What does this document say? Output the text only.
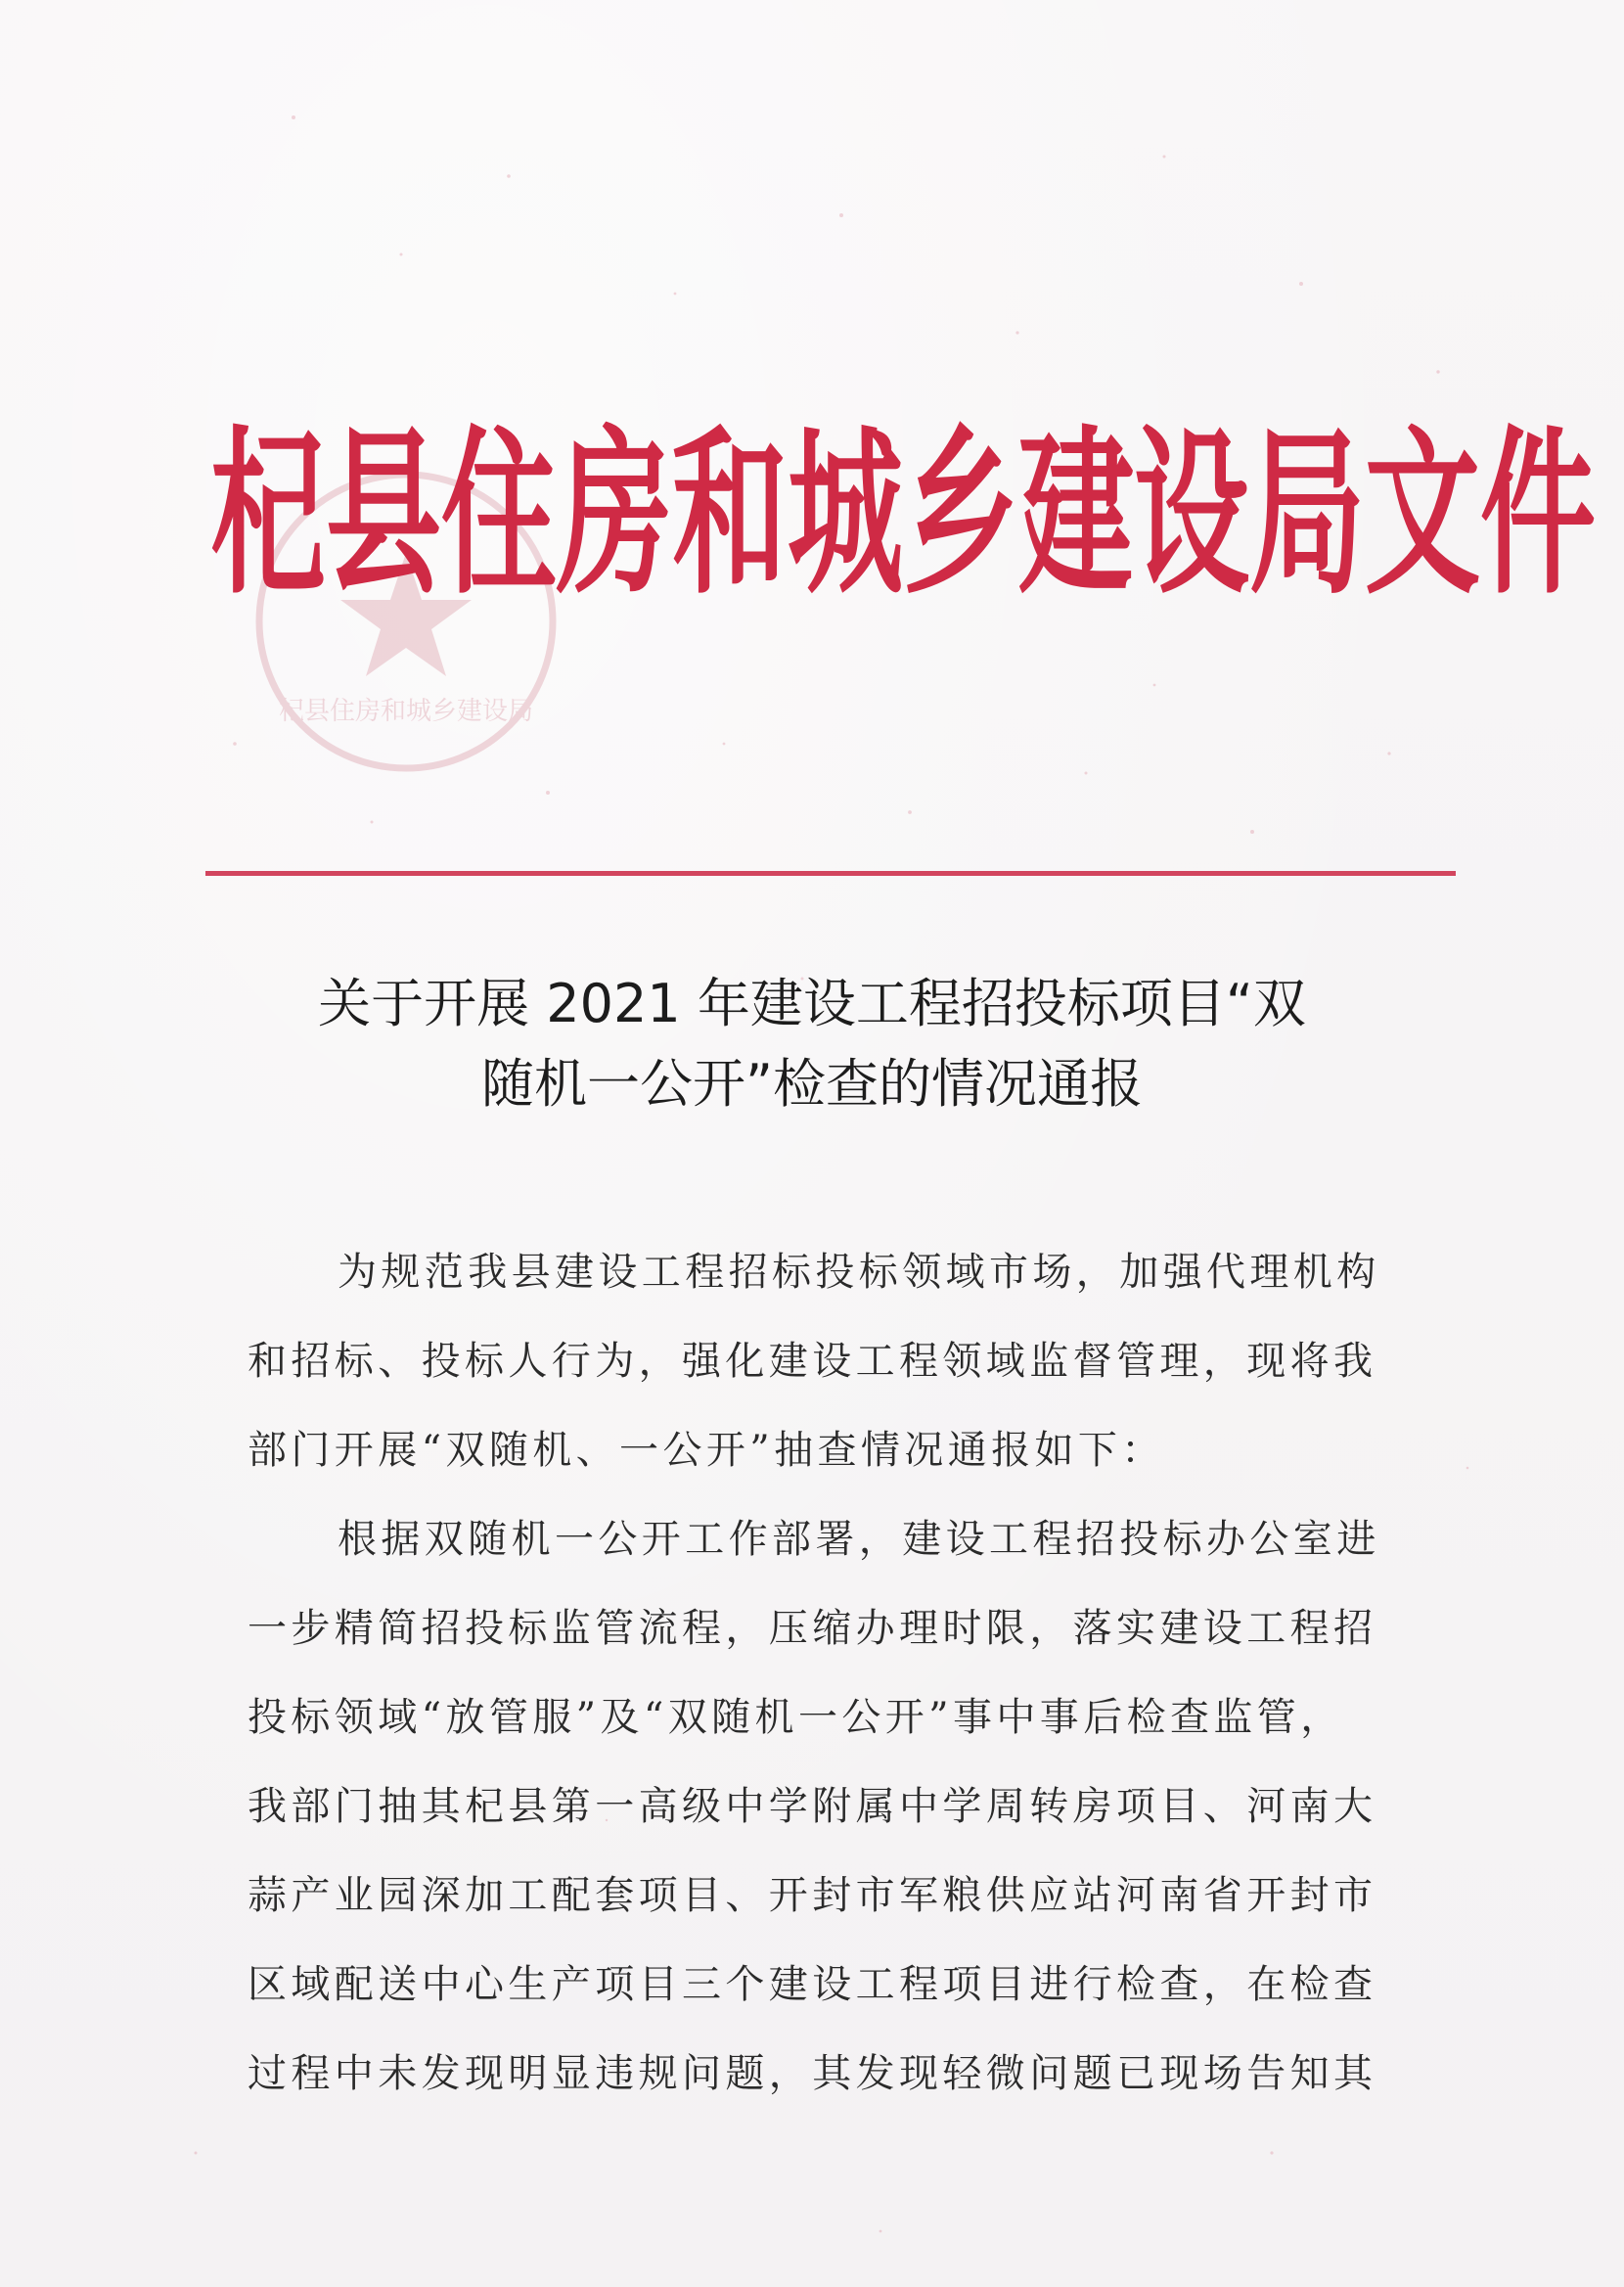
杞县住房和城乡建设局
杞县住房和城乡建设局文件
关于开展 2021 年建设工程招投标项目“双
随机一公开”检查的情况通报
为规范我县建设工程招标投标领域市场，加强代理机构
和招标、投标人行为，强化建设工程领域监督管理，现将我
部门开展“双随机、一公开”抽查情况通报如下：
根据双随机一公开工作部署，建设工程招投标办公室进
一步精简招投标监管流程，压缩办理时限，落实建设工程招
投标领域“放管服”及“双随机一公开”事中事后检查监管，
我部门抽其杞县第一高级中学附属中学周转房项目、河南大
蒜产业园深加工配套项目、开封市军粮供应站河南省开封市
区域配送中心生产项目三个建设工程项目进行检查，在检查
过程中未发现明显违规问题，其发现轻微问题已现场告知其
